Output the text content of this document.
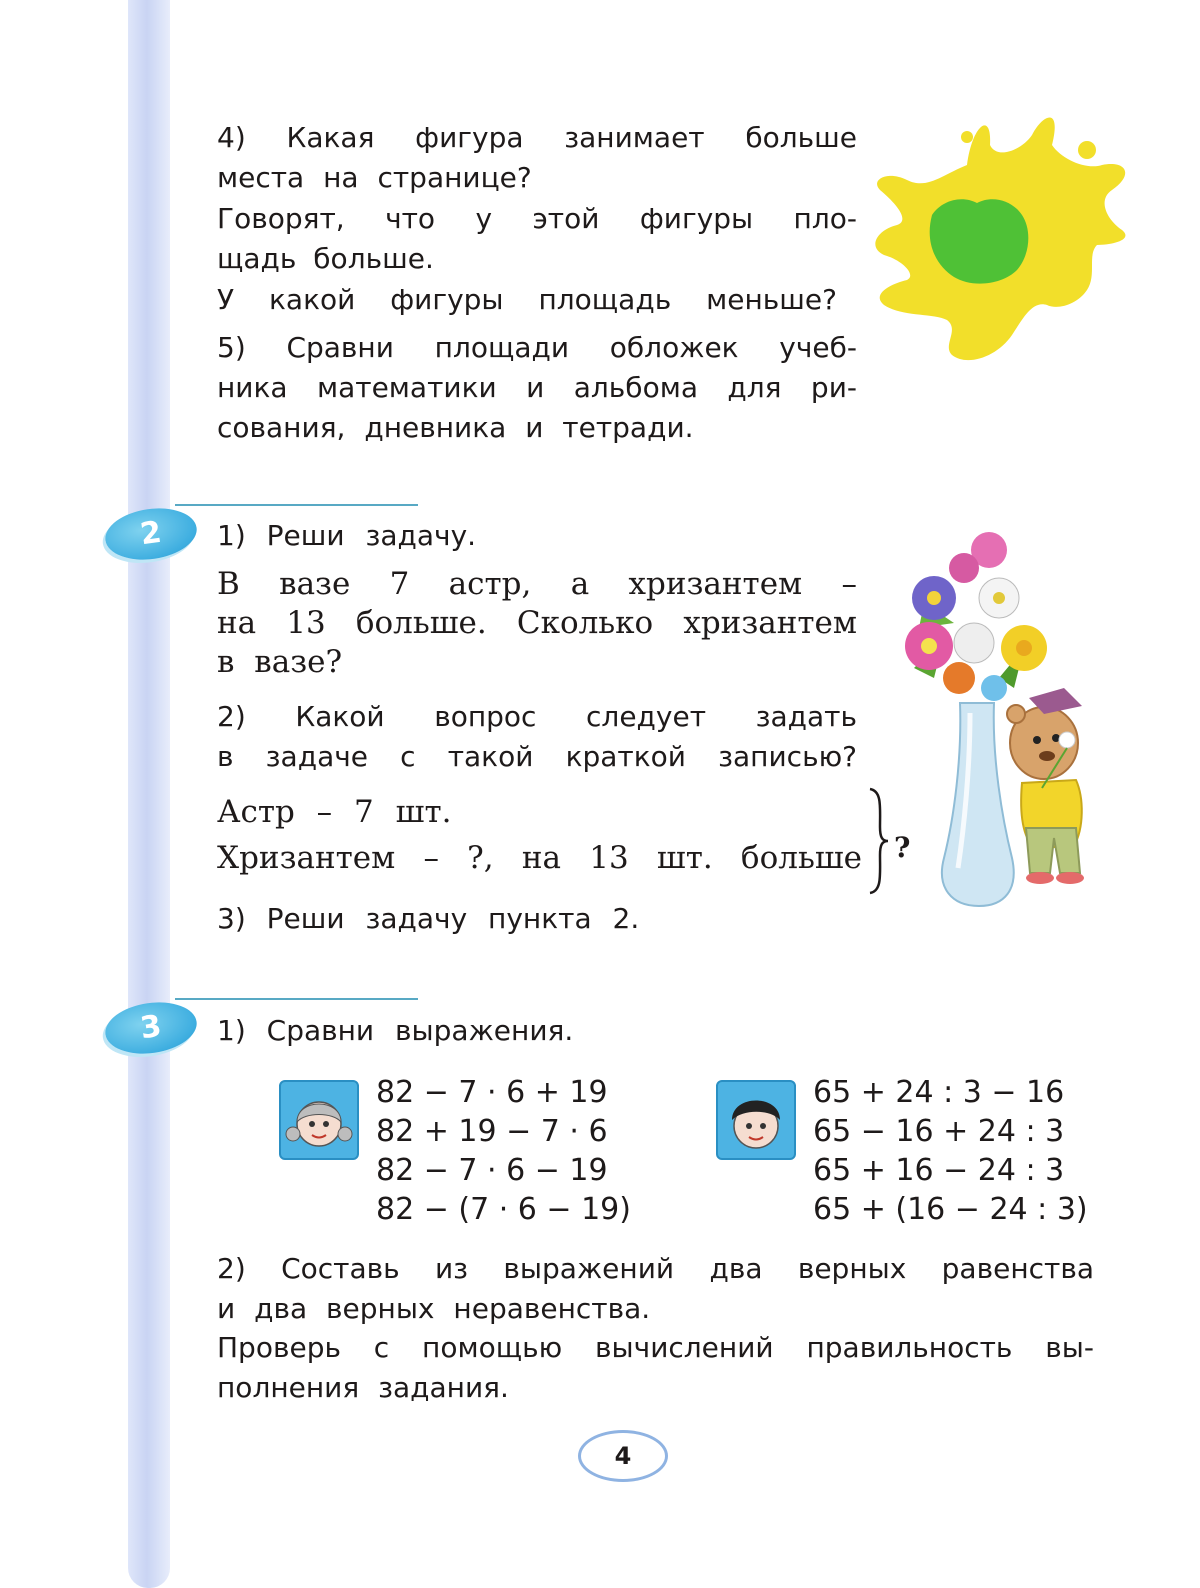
4) Какая фигура занимает больше
места на странице?
Говорят, что у этой фигуры пло-
щадь больше.
У какой фигуры площадь меньше?
5) Сравни площади обложек учеб-
ника математики и альбома для ри-
сования, дневника и тетради.
2	1) Реши задачу.
В вазе 7 астр, а хризантем –
на 13 больше. Сколько хризантем
в вазе?
2) Какой вопрос следует задать
в задаче с такой краткой записью?
Астр – 7 шт.
Хризантем – ?, на 13 шт. больше ?
3) Реши задачу пункта 2.
3	1) Сравни выражения.
82 − 7 · 6 + 19
82 + 19 − 7 · 6
82 − 7 · 6 − 19
82 − (7 · 6 − 19)
65 + 24 : 3 − 16
65 − 16 + 24 : 3
65 + 16 − 24 : 3
65 + (16 − 24 : 3)
2) Составь из выражений два верных равенства
и два верных неравенства.
Проверь с помощью вычислений правильность вы-
полнения задания.
4
